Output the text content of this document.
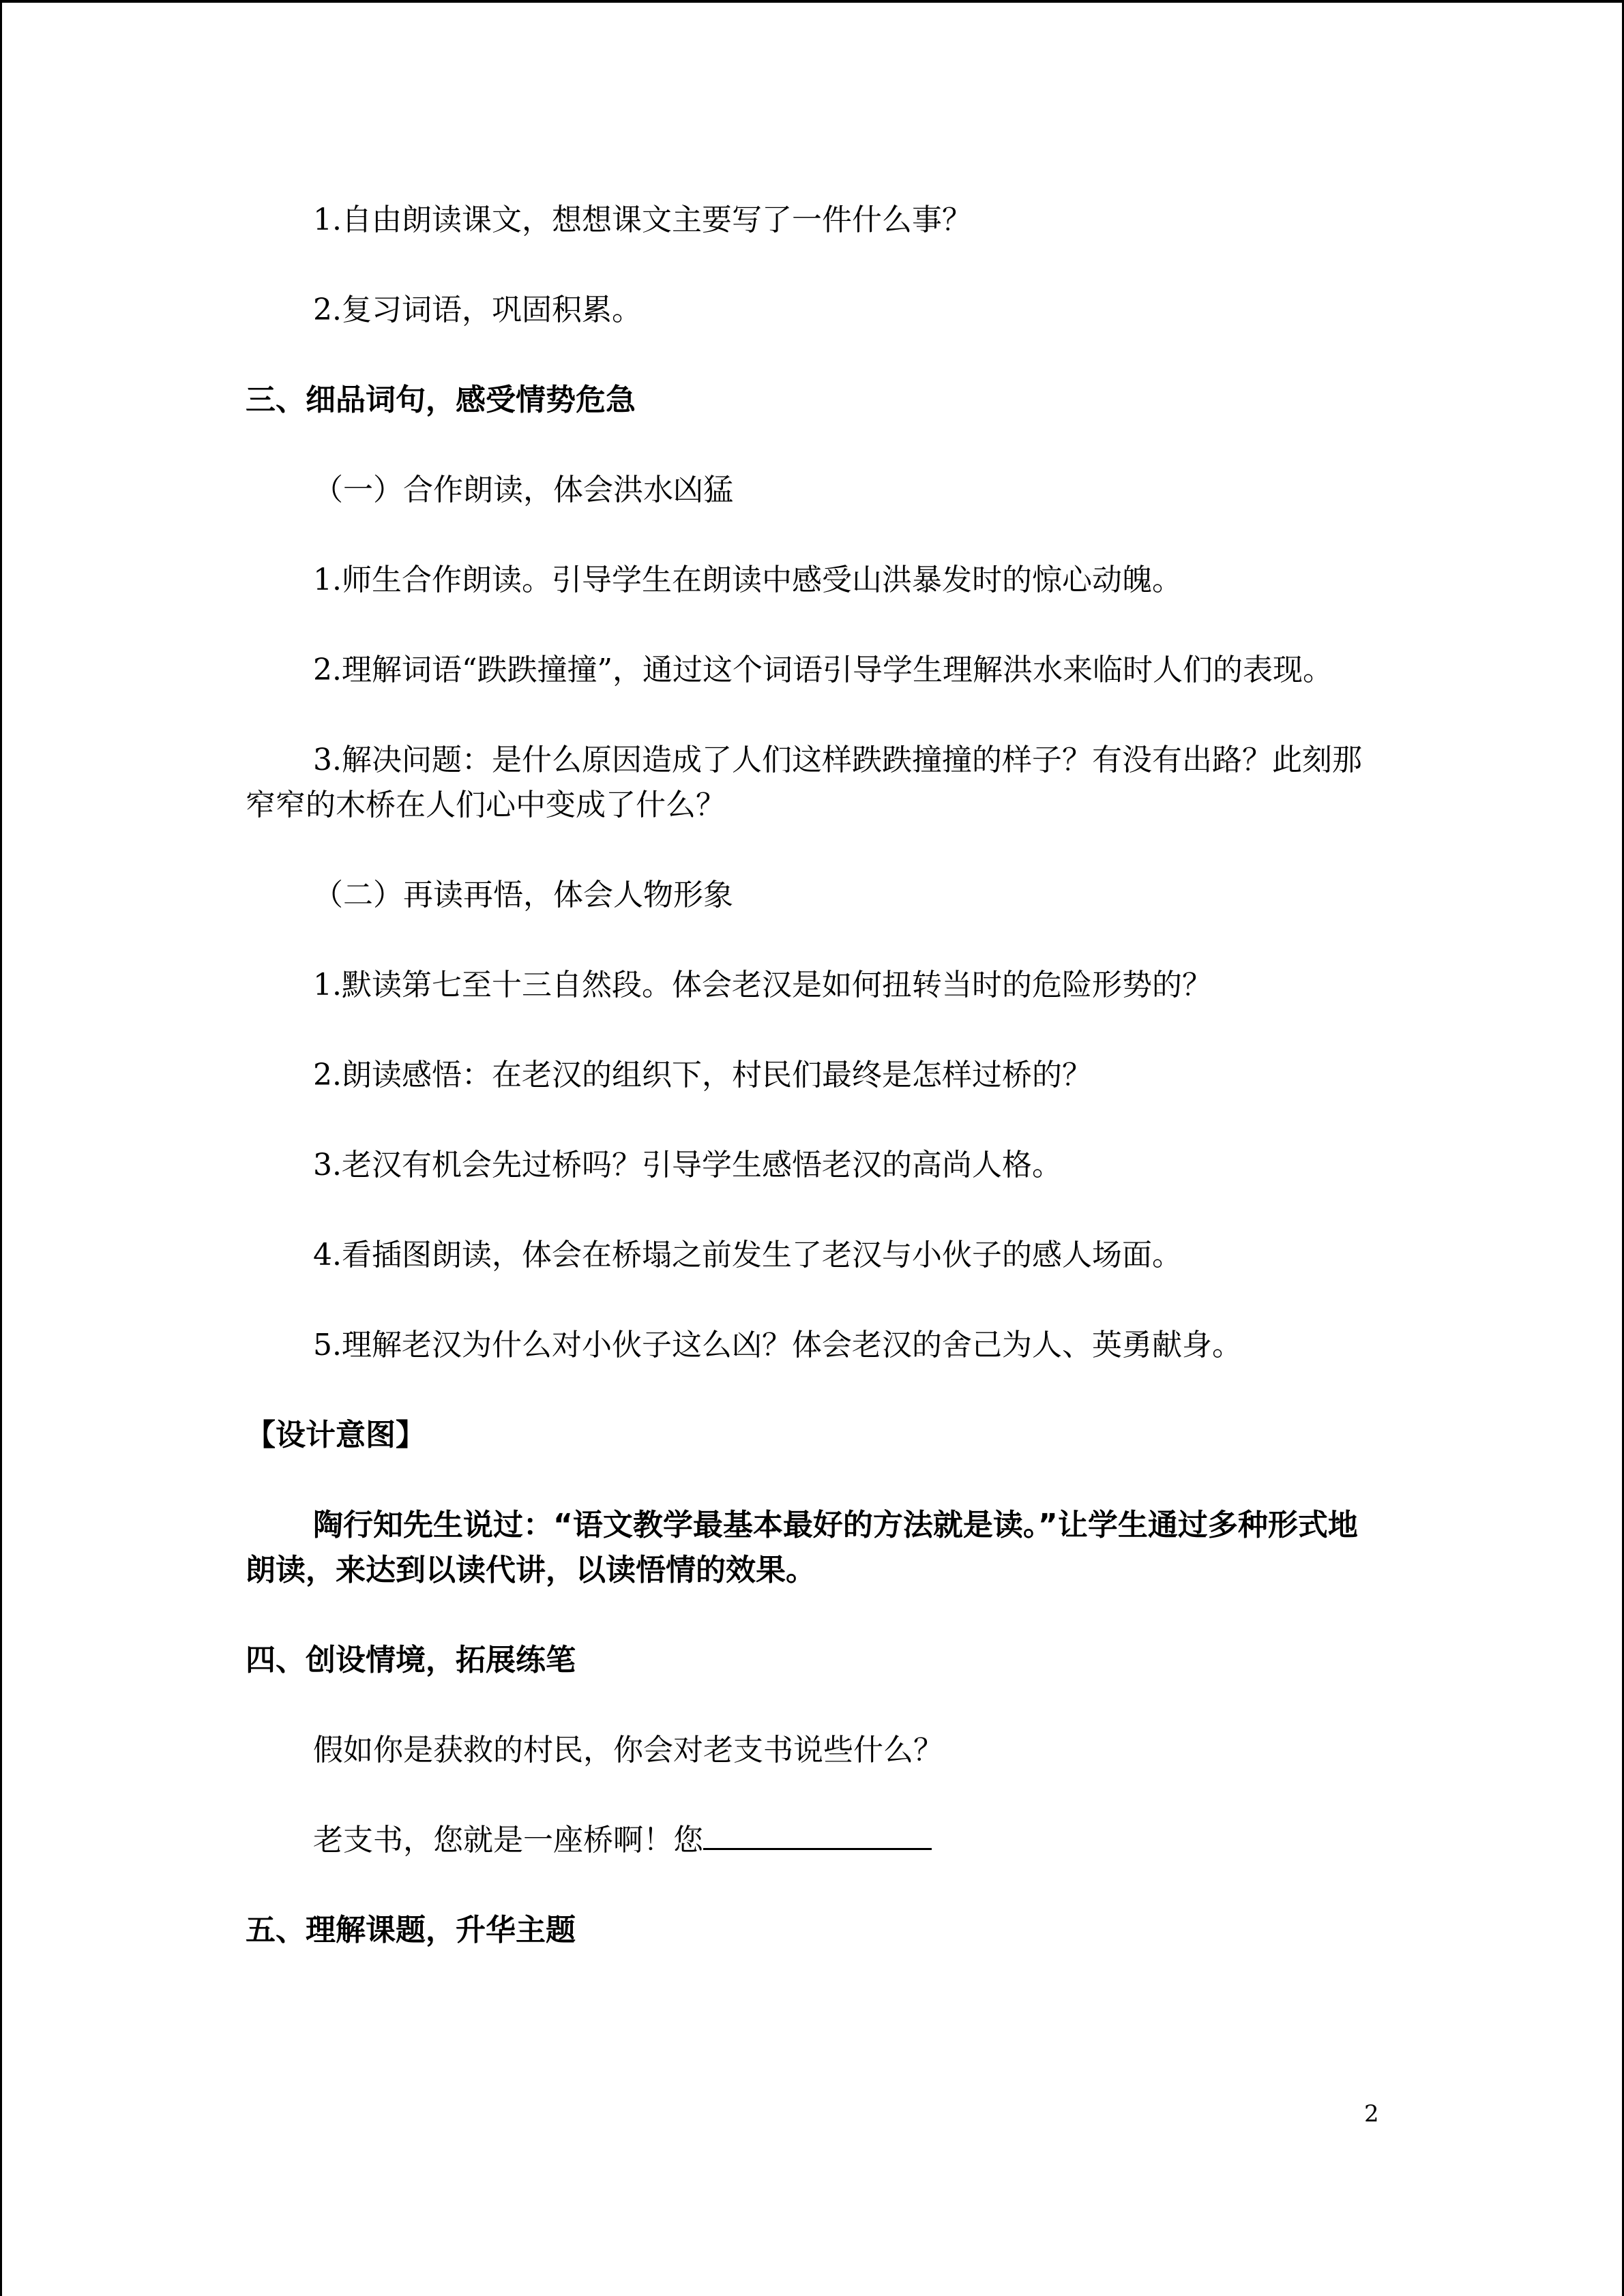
1.自由朗读课文，想想课文主要写了一件什么事？
2.复习词语，巩固积累。
三、细品词句，感受情势危急
（一）合作朗读，体会洪水凶猛
1.师生合作朗读。引导学生在朗读中感受山洪暴发时的惊心动魄。
2.理解词语“跌跌撞撞”，通过这个词语引导学生理解洪水来临时人们的表现。
3.解决问题：是什么原因造成了人们这样跌跌撞撞的样子？有没有出路？此刻那窄窄的木桥在人们心中变成了什么？
（二）再读再悟，体会人物形象
1.默读第七至十三自然段。体会老汉是如何扭转当时的危险形势的？
2.朗读感悟：在老汉的组织下，村民们最终是怎样过桥的？
3.老汉有机会先过桥吗？引导学生感悟老汉的高尚人格。
4.看插图朗读，体会在桥塌之前发生了老汉与小伙子的感人场面。
5.理解老汉为什么对小伙子这么凶？体会老汉的舍己为人、英勇献身。
【设计意图】
陶行知先生说过：“语文教学最基本最好的方法就是读。”让学生通过多种形式地朗读，来达到以读代讲，以读悟情的效果。
四、创设情境，拓展练笔
假如你是获救的村民，你会对老支书说些什么？
老支书，您就是一座桥啊！您
五、理解课题，升华主题
2
